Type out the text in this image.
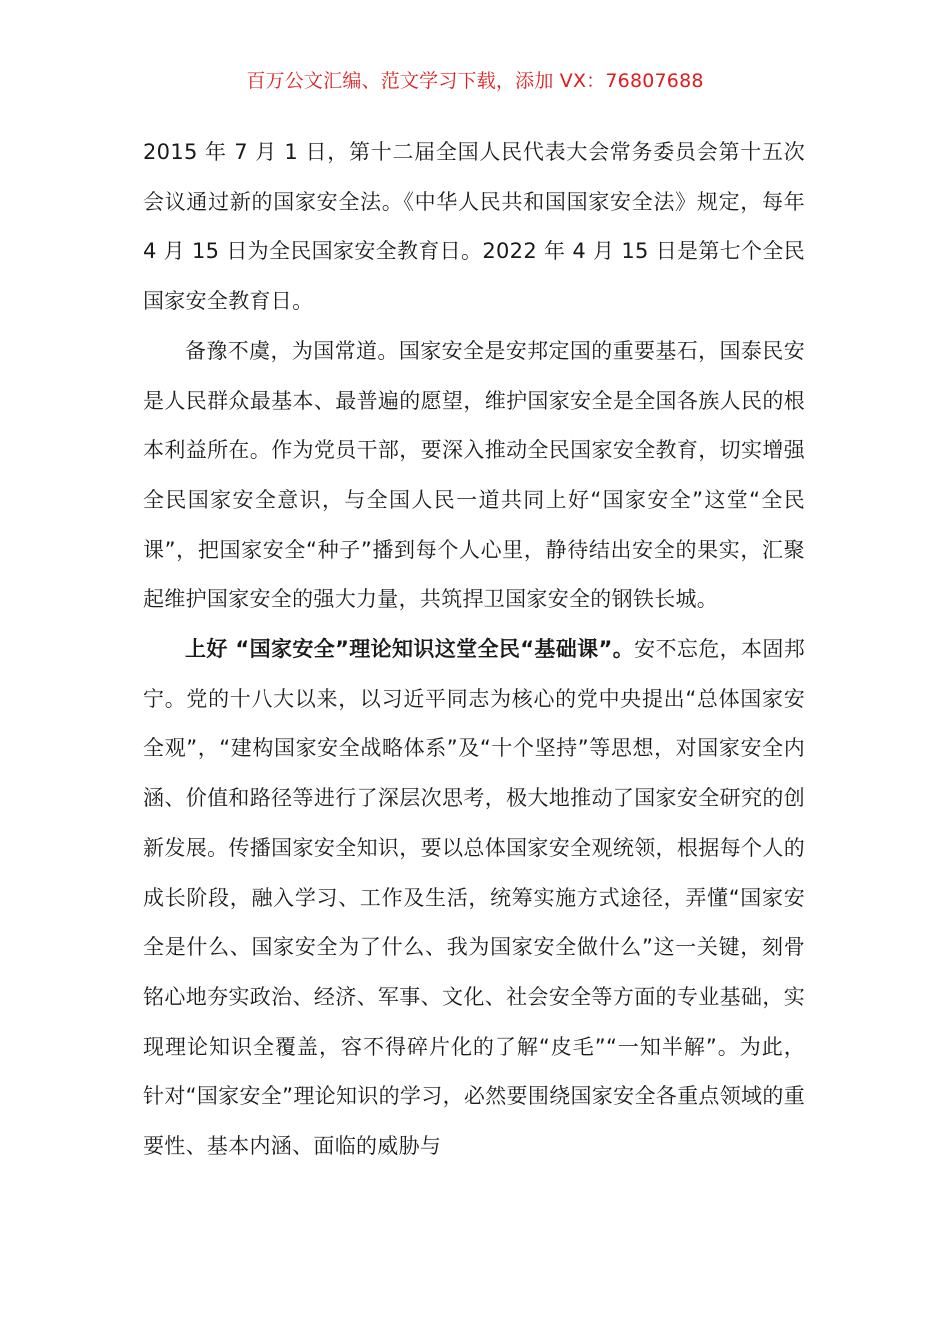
百万公文汇编、范文学习下载，添加 VX：76807688

2015 年 7 月 1 日，第十二届全国人民代表大会常务委员会第十五次会议通过新的国家安全法。《中华人民共和国国家安全法》规定，每年 4 月 15 日为全民国家安全教育日。2022 年 4 月 15 日是第七个全民国家安全教育日。

备豫不虞，为国常道。国家安全是安邦定国的重要基石，国泰民安是人民群众最基本、最普遍的愿望，维护国家安全是全国各族人民的根本利益所在。作为党员干部，要深入推动全民国家安全教育，切实增强全民国家安全意识，与全国人民一道共同上好“国家安全”这堂“全民课”，把国家安全“种子”播到每个人心里，静待结出安全的果实，汇聚起维护国家安全的强大力量，共筑捍卫国家安全的钢铁长城。

上好 “国家安全”理论知识这堂全民“基础课”。安不忘危，本固邦宁。党的十八大以来，以习近平同志为核心的党中央提出“总体国家安全观”，“建构国家安全战略体系”及“十个坚持”等思想，对国家安全内涵、价值和路径等进行了深层次思考，极大地推动了国家安全研究的创新发展。传播国家安全知识，要以总体国家安全观统领，根据每个人的成长阶段，融入学习、工作及生活，统筹实施方式途径，弄懂“国家安全是什么、国家安全为了什么、我为国家安全做什么”这一关键，刻骨铭心地夯实政治、经济、军事、文化、社会安全等方面的专业基础，实现理论知识全覆盖，容不得碎片化的了解“皮毛”“一知半解”。为此，针对“国家安全”理论知识的学习，必然要围绕国家安全各重点领域的重要性、基本内涵、面临的威胁与
